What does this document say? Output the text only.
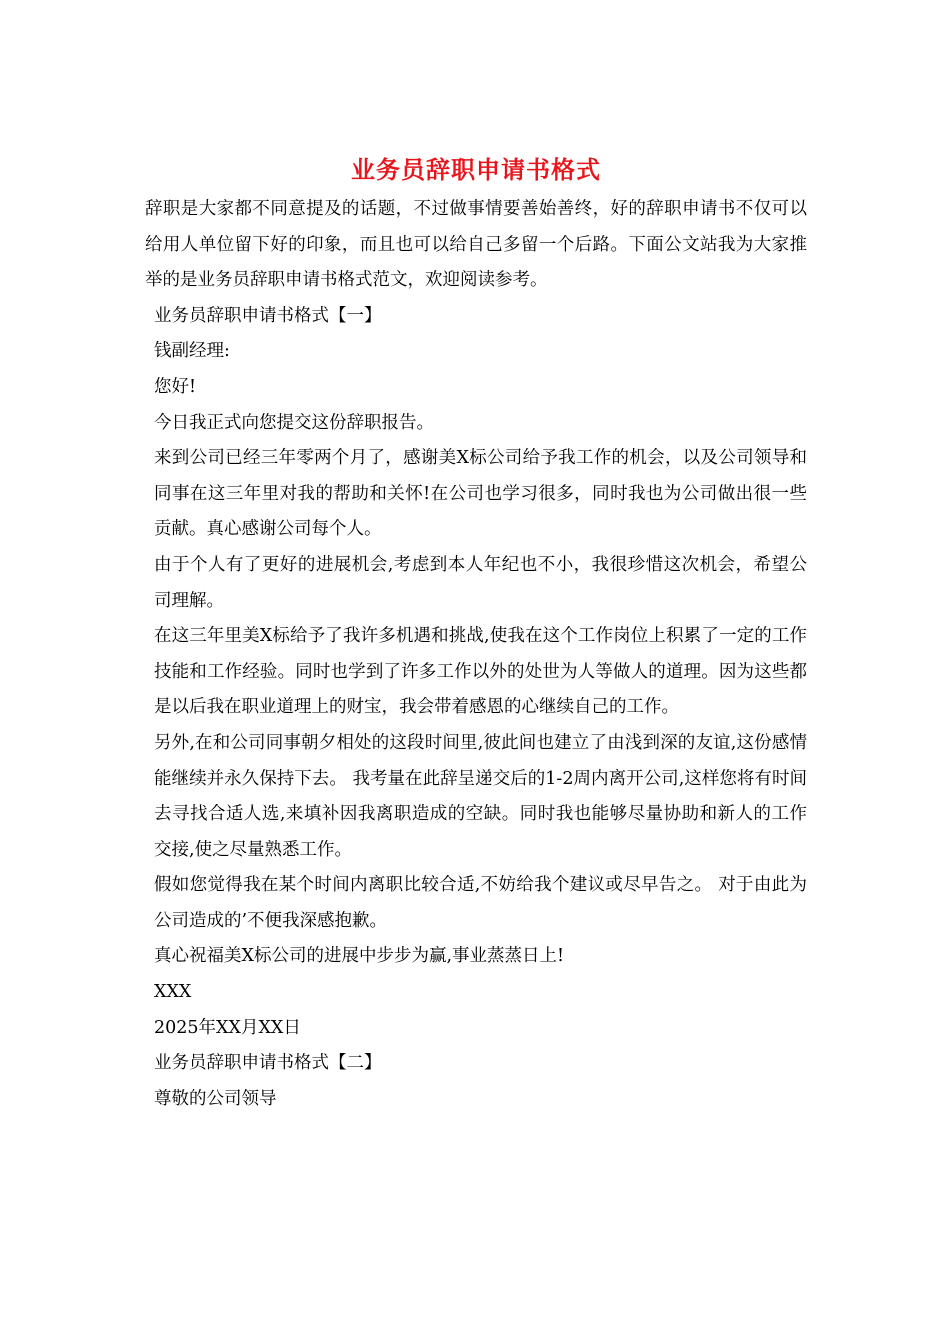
业务员辞职申请书格式

辞职是大家都不同意提及的话题，不过做事情要善始善终，好的辞职申请书不仅可以给用人单位留下好的印象，而且也可以给自己多留一个后路。下面公文站我为大家推举的是业务员辞职申请书格式范文，欢迎阅读参考。

业务员辞职申请书格式【一】

钱副经理:

您好!

今日我正式向您提交这份辞职报告。

来到公司已经三年零两个月了，感谢美X标公司给予我工作的机会，以及公司领导和同事在这三年里对我的帮助和关怀!在公司也学习很多，同时我也为公司做出很一些贡献。真心感谢公司每个人。

由于个人有了更好的进展机会,考虑到本人年纪也不小，我很珍惜这次机会，希望公司理解。

在这三年里美X标给予了我许多机遇和挑战,使我在这个工作岗位上积累了一定的工作技能和工作经验。同时也学到了许多工作以外的处世为人等做人的道理。因为这些都是以后我在职业道理上的财宝，我会带着感恩的心继续自己的工作。

另外,在和公司同事朝夕相处的这段时间里,彼此间也建立了由浅到深的友谊,这份感情能继续并永久保持下去。 我考量在此辞呈递交后的1-2周内离开公司,这样您将有时间去寻找合适人选,来填补因我离职造成的空缺。同时我也能够尽量协助和新人的工作交接,使之尽量熟悉工作。

假如您觉得我在某个时间内离职比较合适,不妨给我个建议或尽早告之。 对于由此为公司造成的’不便我深感抱歉。

真心祝福美X标公司的进展中步步为赢,事业蒸蒸日上!

XXX

2025年XX月XX日

业务员辞职申请书格式【二】

尊敬的公司领导
